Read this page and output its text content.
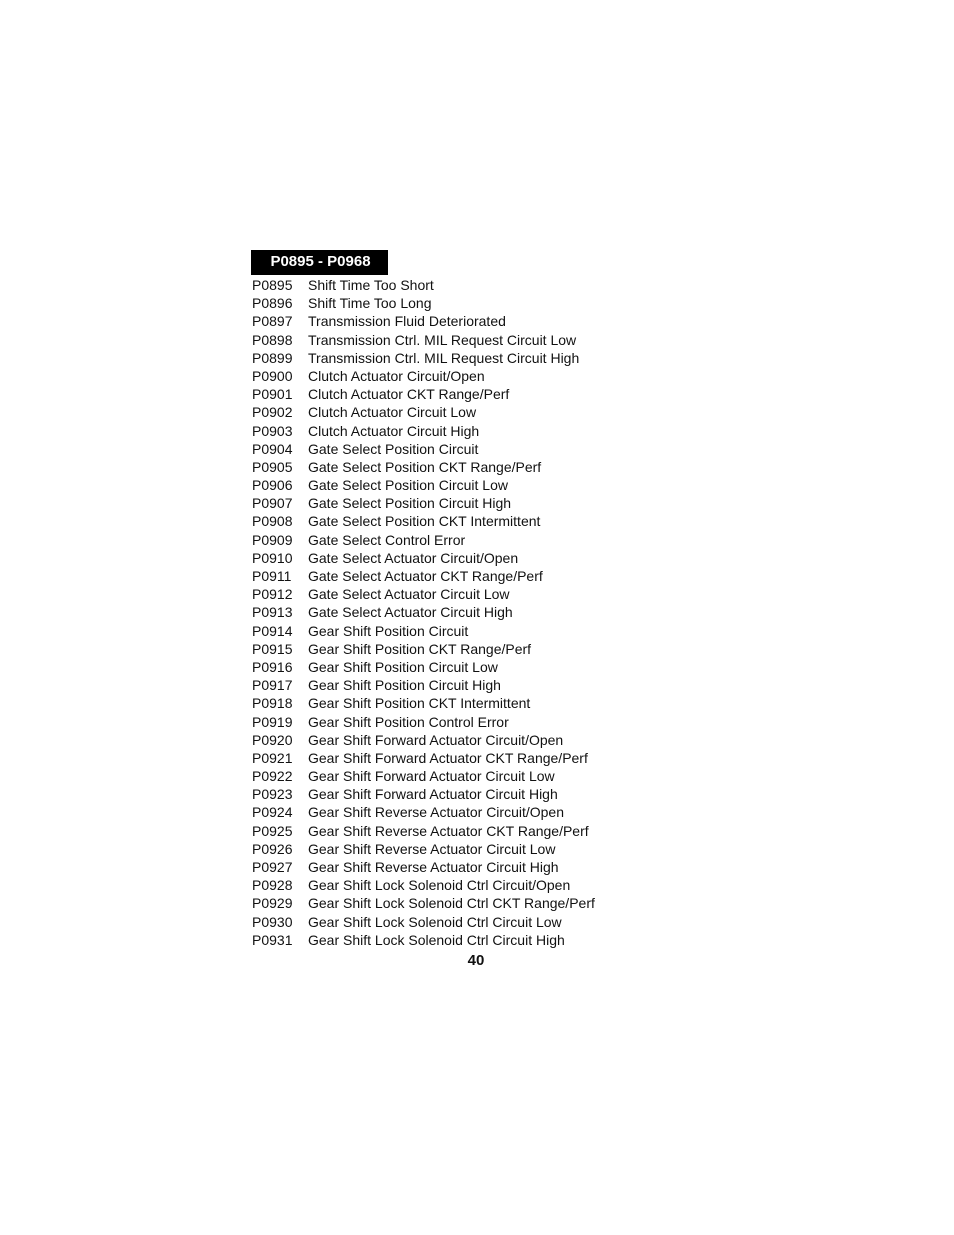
P0895 - P0968
P0895 Shift Time Too Short
P0896 Shift Time Too Long
P0897 Transmission Fluid Deteriorated
P0898 Transmission Ctrl. MIL Request Circuit Low
P0899 Transmission Ctrl. MIL Request Circuit High
P0900 Clutch Actuator Circuit/Open
P0901 Clutch Actuator CKT Range/Perf
P0902 Clutch Actuator Circuit Low
P0903 Clutch Actuator Circuit High
P0904 Gate Select Position Circuit
P0905 Gate Select Position CKT Range/Perf
P0906 Gate Select Position Circuit Low
P0907 Gate Select Position Circuit High
P0908 Gate Select Position CKT Intermittent
P0909 Gate Select Control Error
P0910 Gate Select Actuator Circuit/Open
P0911 Gate Select Actuator CKT Range/Perf
P0912 Gate Select Actuator Circuit Low
P0913 Gate Select Actuator Circuit High
P0914 Gear Shift Position Circuit
P0915 Gear Shift Position CKT Range/Perf
P0916 Gear Shift Position Circuit Low
P0917 Gear Shift Position Circuit High
P0918 Gear Shift Position CKT Intermittent
P0919 Gear Shift Position Control Error
P0920 Gear Shift Forward Actuator Circuit/Open
P0921 Gear Shift Forward Actuator CKT Range/Perf
P0922 Gear Shift Forward Actuator Circuit Low
P0923 Gear Shift Forward Actuator Circuit High
P0924 Gear Shift Reverse Actuator Circuit/Open
P0925 Gear Shift Reverse Actuator CKT Range/Perf
P0926 Gear Shift Reverse Actuator Circuit Low
P0927 Gear Shift Reverse Actuator Circuit High
P0928 Gear Shift Lock Solenoid Ctrl Circuit/Open
P0929 Gear Shift Lock Solenoid Ctrl CKT Range/Perf
P0930 Gear Shift Lock Solenoid Ctrl Circuit Low
P0931 Gear Shift Lock Solenoid Ctrl Circuit High
40
